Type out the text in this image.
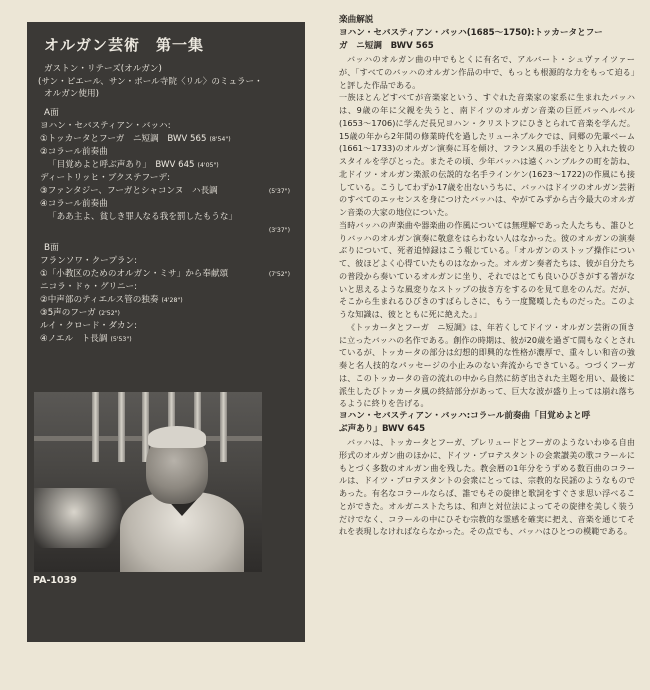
オルガン芸術　第一集
ガストン・リテーズ(オルガン)
(サン・ピエール、サン・ポール寺院〈リル〉のミュラー・
オルガン使用)
A面
ヨハン・セバスティアン・バッハ:
①トッカータとフーガ　ニ短調　BWV 565 (8'54")
②コラール前奏曲
「目覚めよと呼ぶ声あり」　BWV 645 (4'05")
ディートリッヒ・ブクステフーデ:
③ファンタジー、フーガとシャコンヌ　ハ長調	(5'37")
④コラール前奏曲
「ああ主よ、貧しき罪人なる我を罰したもうな」
(3'37")
B面
フランソワ・クープラン:
①「小教区のためのオルガン・ミサ」から奉献頌	(7'52")
ニコラ・ドゥ・グリニー:
②中声部のティエルス管の独奏 (4'28")
③5声のフーガ (2'52")
ルイ・クロード・ダカン:
④ノエル　ト長調 (5'53")
PA-1039
楽曲解説
ヨハン・セバスティアン・バッハ(1685〜1750):トッカータとフー
ガ　ニ短調　BWV 565

バッハのオルガン曲の中でもとくに有名で、アルバート・シュヴァイツァーが、「すべてのバッハのオルガン作品の中で、もっとも根源的な力をもって迫る」と評した作品である。

一族ほとんどすべてが音楽家という、すぐれた音楽家の家系に生まれたバッハは、9歳の年に父親を失うと、南ドイツのオルガン音楽の巨匠パッヘルベル(1653〜1706)に学んだ長兄ヨハン・クリストフにひきとられて音楽を学んだ。15歳の年から2年間の修業時代を過したリューネブルクでは、同郷の先輩ベーム(1661〜1733)のオルガン演奏に耳を傾け、フランス風の手法をとり入れた彼のスタイルを学びとった。またその頃、少年バッハは遠くハンブルクの町を訪ね、北ドイツ・オルガン楽派の伝説的な名手ラインケン(1623〜1722)の作風にも接している。こうしてわずか17歳を出ないうちに、バッハはドイツのオルガン芸術のすべてのエッセンスを身につけたバッハは、やがてみずから古今最大のオルガン音楽の大家の地位についた。

当時バッハの声楽曲や器楽曲の作風については無理解であった人たちも、誰ひとりバッハのオルガン演奏に敬意をはらわない人はなかった。彼のオルガンの演奏ぶりについて、死者追悼録はこう報じている。「オルガンのストップ操作について、彼ほどよく心得ていたものはなかった。オルガン奏者たちは、彼が自分たちの普段から奏いているオルガンに坐り、それではとても良いひびきがする箸がないと思えるような風変りなストップの抜き方をするのを見て息をのんだ。だが、そこから生まれるひびきのすばらしさに、もう一度驚嘆したものだった。このような知識は、彼とともに死に絶えた。」

《トッカータとフーガ　ニ短調》は、年若くしてドイツ・オルガン芸術の頂きに立ったバッハの名作である。創作の時期は、彼が20歳を過ぎて間もなくとされているが、トッカータの部分は幻想的即興的な性格が濃厚で、重々しい和音の強奏と名人技的なパッセージの小止みのない奔流からできている。つづくフーガは、このトッカータの音の流れの中から自然に紡ぎ出された主題を用い、最後に派生したびトッカータ風の終結部分があって、巨大な波が盛り上っては崩れ落ちるように終りを告げる。

ヨハン・セバスティアン・バッハ:コラール前奏曲「目覚めよと呼
ぶ声あり」BWV 645

バッハは、トッカータとフーガ、プレリュードとフーガのようないわゆる自由形式のオルガン曲のほかに、ドイツ・プロテスタントの会衆讃美の歌コラールにもとづく多数のオルガン曲を残した。教会暦の1年分をうずめる数百曲のコラールは、ドイツ・プロテスタントの会衆にとっては、宗教的な民謡のようなものであった。有名なコラールならば、誰でもその旋律と歌詞をすぐさま思い浮べることができた。オルガニストたちは、和声と対位法によってその旋律を美しく装うだけでなく、コラールの中にひそむ宗教的な霊感を確実に把え、音楽を通じてそれを表現しなければならなかった。その点でも、バッハはひとつの模範である。
